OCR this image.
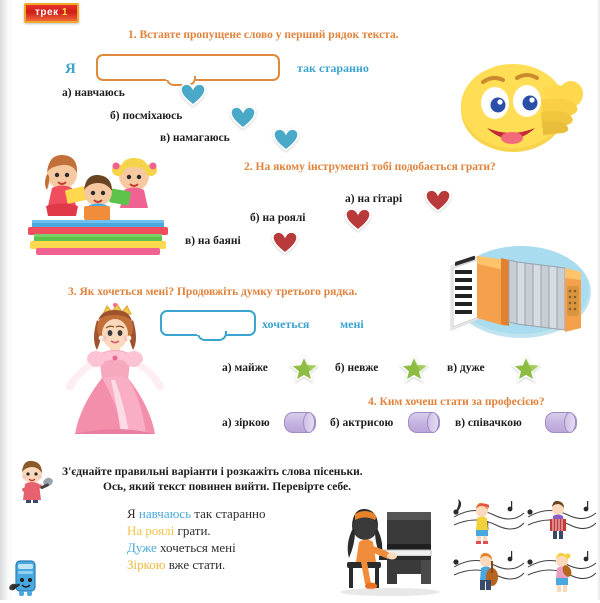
трек 1
1. Вставте пропущене слово у перший рядок текста.
Я	так старанно
а) навчаюсь
б) посміхаюсь
в) намагаюсь
2. На якому інструменті тобі подобається грати?
а) на гітарі
б) на роялі
в) на баяні
3. Як хочеться мені? Продовжіть думку третього рядка.
хочеться	мені
а) майже	б) невже	в) дуже
4. Ким хочеш стати за професією?
а) зіркою	б) актрисою	в) співачкою
З'єднайте правильні варіанти і розкажіть слова пісеньки.
Ось, який текст повинен вийти. Перевірте себе.
Я навчаюсь так старанно
На роялі грати.
Дуже хочеться мені
Зіркою вже стати.
